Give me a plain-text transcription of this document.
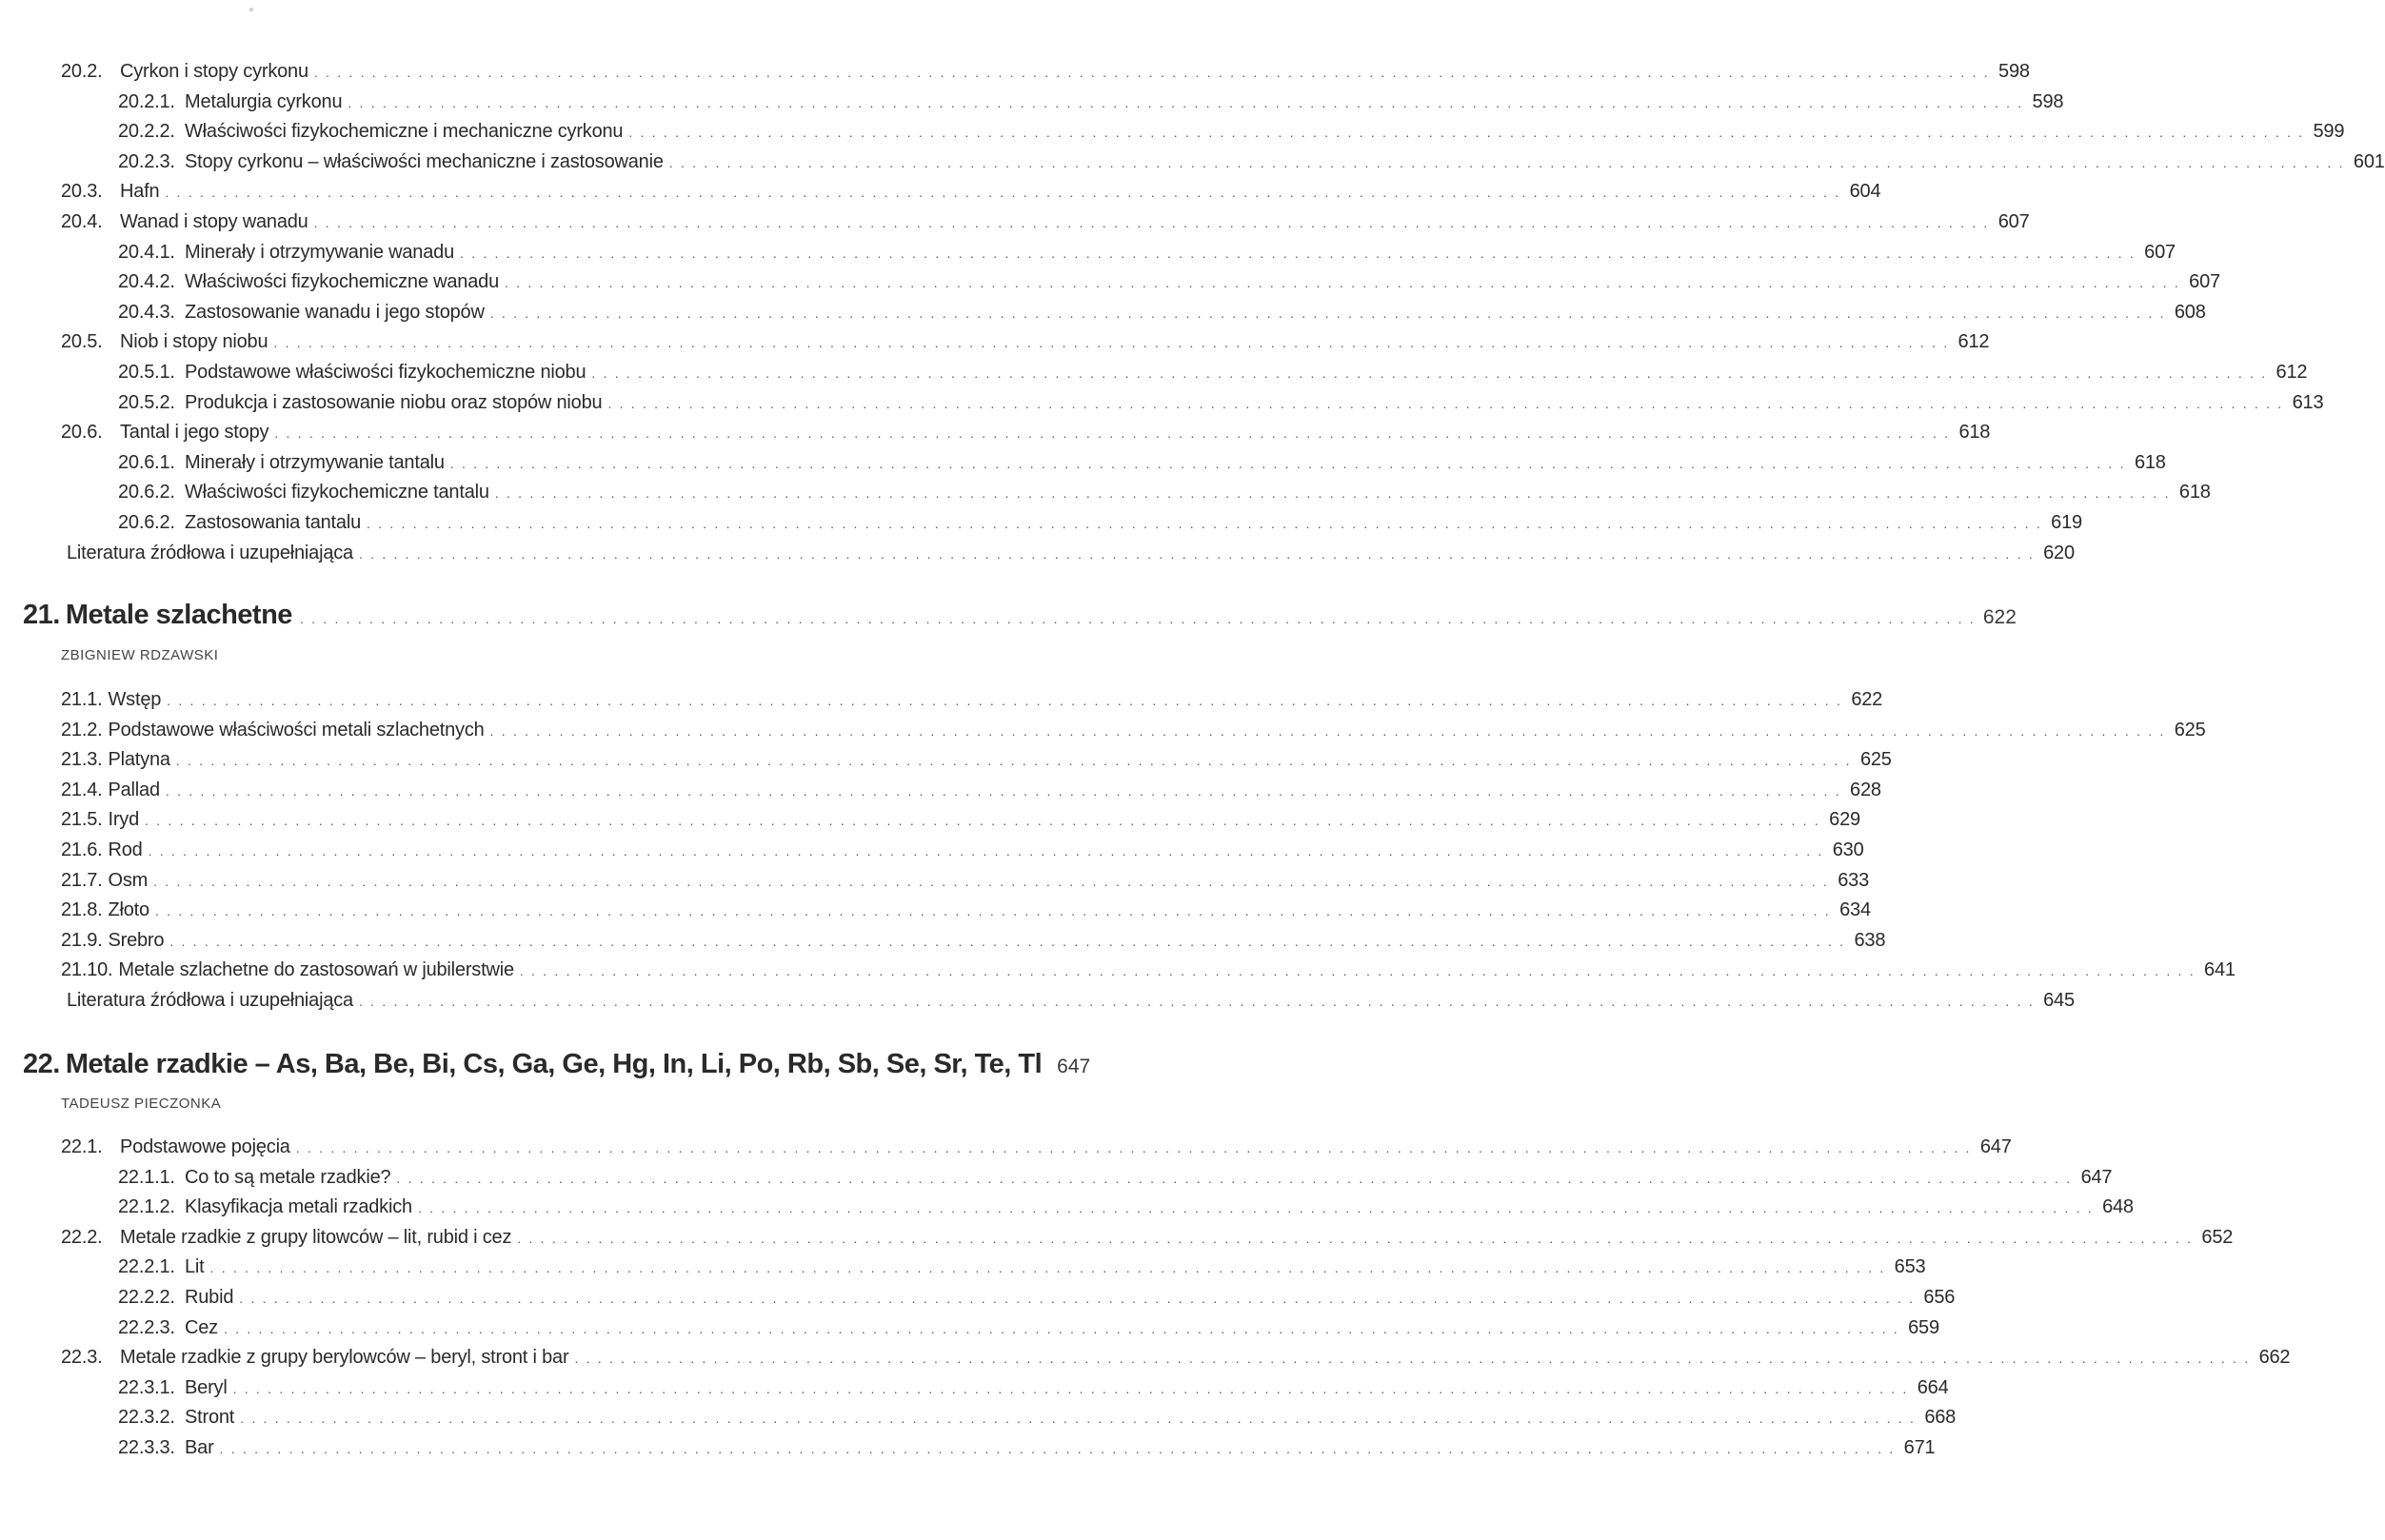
20.2. Cyrkon i stopy cyrkonu . . .	598
20.2.1. Metalurgia cyrkonu . . .	598
20.2.2. Właściwości fizykochemiczne i mechaniczne cyrkonu . . .	599
20.2.3. Stopy cyrkonu – właściwości mechaniczne i zastosowanie . . .	601
20.3. Hafn . . .	604
20.4. Wanad i stopy wanadu . . .	607
20.4.1. Minerały i otrzymywanie wanadu . . .	607
20.4.2. Właściwości fizykochemiczne wanadu . . .	607
20.4.3. Zastosowanie wanadu i jego stopów . . .	608
20.5. Niob i stopy niobu . . .	612
20.5.1. Podstawowe właściwości fizykochemiczne niobu . . .	612
20.5.2. Produkcja i zastosowanie niobu oraz stopów niobu . . .	613
20.6. Tantal i jego stopy . . .	618
20.6.1. Minerały i otrzymywanie tantalu . . .	618
20.6.2. Właściwości fizykochemiczne tantalu . . .	618
20.6.2. Zastosowania tantalu . . .	619
Literatura źródłowa i uzupełniająca . . .	620
21. Metale szlachetne . . .	622
ZBIGNIEW RDZAWSKI
21.1. Wstęp . . .	622
21.2. Podstawowe właściwości metali szlachetnych . . .	625
21.3. Platyna . . .	625
21.4. Pallad . . .	628
21.5. Iryd . . .	629
21.6. Rod . . .	630
21.7. Osm . . .	633
21.8. Złoto . . .	634
21.9. Srebro . . .	638
21.10. Metale szlachetne do zastosowań w jubilerstwie . . .	641
Literatura źródłowa i uzupełniająca . . .	645
22. Metale rzadkie – As, Ba, Be, Bi, Cs, Ga, Ge, Hg, In, Li, Po, Rb, Sb, Se, Sr, Te, Tl 647
TADEUSZ PIECZONKA
22.1. Podstawowe pojęcia . . .	647
22.1.1. Co to są metale rzadkie? . . .	647
22.1.2. Klasyfikacja metali rzadkich . . .	648
22.2. Metale rzadkie z grupy litowców – lit, rubid i cez . . .	652
22.2.1. Lit . . .	653
22.2.2. Rubid . . .	656
22.2.3. Cez . . .	659
22.3. Metale rzadkie z grupy berylowców – beryl, stront i bar . . .	662
22.3.1. Beryl . . .	664
22.3.2. Stront . . .	668
22.3.3. Bar . . .	671
